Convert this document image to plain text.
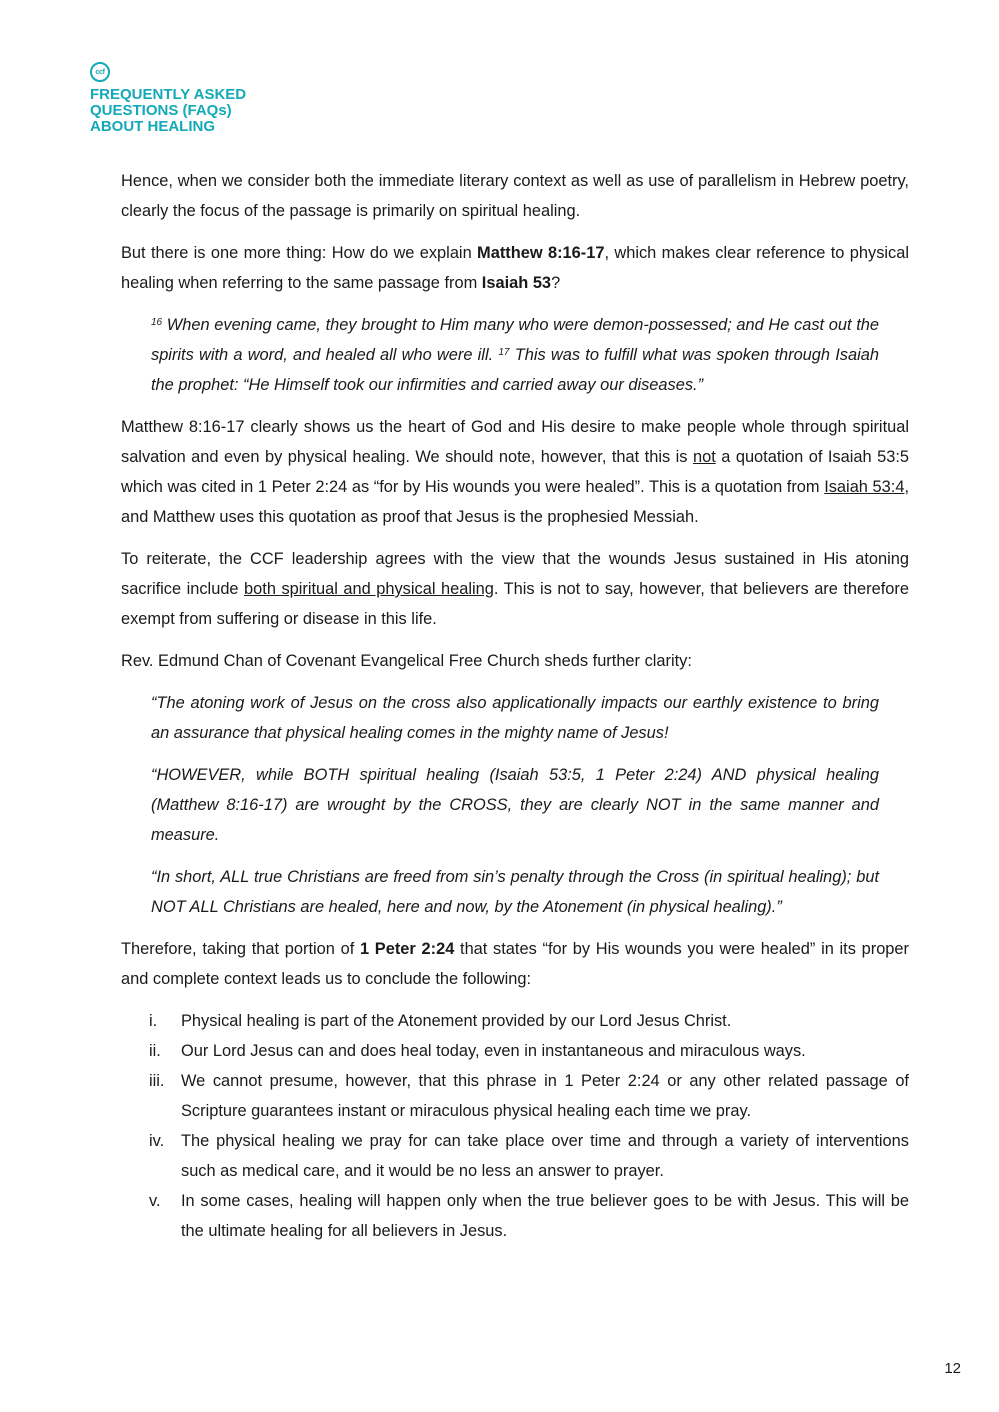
ccf
FREQUENTLY ASKED
QUESTIONS (FAQs)
ABOUT HEALING

Hence, when we consider both the immediate literary context as well as use of parallelism in Hebrew poetry, clearly the focus of the passage is primarily on spiritual healing.

But there is one more thing: How do we explain Matthew 8:16-17, which makes clear reference to physical healing when referring to the same passage from Isaiah 53?

$^{16}$ When evening came, they brought to Him many who were demon-possessed; and He cast out the spirits with a word, and healed all who were ill. $^{17}$ This was to fulfill what was spoken through Isaiah the prophet: “He Himself took our infirmities and carried away our diseases.”

Matthew 8:16-17 clearly shows us the heart of God and His desire to make people whole through spiritual salvation and even by physical healing. We should note, however, that this is not a quotation of Isaiah 53:5 which was cited in 1 Peter 2:24 as “for by His wounds you were healed”. This is a quotation from Isaiah 53:4, and Matthew uses this quotation as proof that Jesus is the prophesied Messiah.

To reiterate, the CCF leadership agrees with the view that the wounds Jesus sustained in His atoning sacrifice include both spiritual and physical healing. This is not to say, however, that believers are therefore exempt from suffering or disease in this life.

Rev. Edmund Chan of Covenant Evangelical Free Church sheds further clarity:

“The atoning work of Jesus on the cross also applicationally impacts our earthly existence to bring an assurance that physical healing comes in the mighty name of Jesus!
“HOWEVER, while BOTH spiritual healing (Isaiah 53:5, 1 Peter 2:24) AND physical healing (Matthew 8:16-17) are wrought by the CROSS, they are clearly NOT in the same manner and measure.
“In short, ALL true Christians are freed from sin’s penalty through the Cross (in spiritual healing); but NOT ALL Christians are healed, here and now, by the Atonement (in physical healing).”

Therefore, taking that portion of 1 Peter 2:24 that states “for by His wounds you were healed” in its proper and complete context leads us to conclude the following:

i.	Physical healing is part of the Atonement provided by our Lord Jesus Christ.
ii.	Our Lord Jesus can and does heal today, even in instantaneous and miraculous ways.
iii.	We cannot presume, however, that this phrase in 1 Peter 2:24 or any other related passage of Scripture guarantees instant or miraculous physical healing each time we pray.
iv.	The physical healing we pray for can take place over time and through a variety of interventions such as medical care, and it would be no less an answer to prayer.
v.	In some cases, healing will happen only when the true believer goes to be with Jesus. This will be the ultimate healing for all believers in Jesus.
12
